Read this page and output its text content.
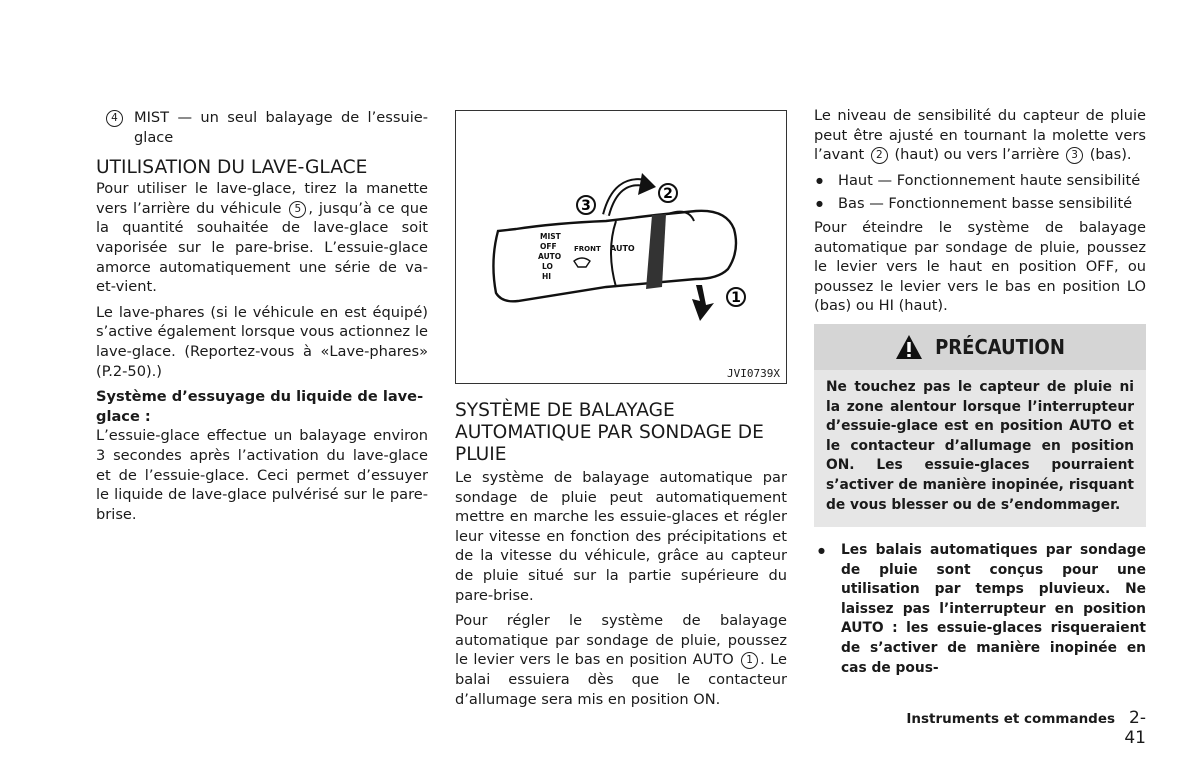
4	MIST — un seul balayage de l’essuie-glace

UTILISATION DU LAVE-GLACE

Pour utiliser le lave-glace, tirez la manette vers l’arrière du véhicule 5 , jusqu’à ce que la quantité souhaitée de lave-glace soit vaporisée sur le pare-brise. L’essuie-glace amorce automatiquement une série de va-et-vient.

Le lave-phares (si le véhicule en est équipé) s’active également lorsque vous actionnez le lave-glace. (Reportez-vous à «Lave-phares» (P.2-50).)

Système d’essuyage du liquide de lave-glace :

L’essuie-glace effectue un balayage environ 3 secondes après l’activation du lave-glace et de l’essuie-glace. Ceci permet d’essuyer le liquide de lave-glace pulvérisé sur le pare-brise.

MIST
OFF
AUTO
LO
HI
FRONT AUTO
3
2
1
JVI0739X
SYSTÈME DE BALAYAGE AUTOMATIQUE PAR SONDAGE DE PLUIE

Le système de balayage automatique par sondage de pluie peut automatiquement mettre en marche les essuie-glaces et régler leur vitesse en fonction des précipitations et de la vitesse du véhicule, grâce au capteur de pluie situé sur la partie supérieure du pare-brise.

Pour régler le système de balayage automatique par sondage de pluie, poussez le levier vers le bas en position AUTO 1 . Le balai essuiera dès que le contacteur d’allumage sera mis en position ON.

Le niveau de sensibilité du capteur de pluie peut être ajusté en tournant la molette vers l’avant 2 (haut) ou vers l’arrière 3 (bas).

● Haut — Fonctionnement haute sensibilité

● Bas — Fonctionnement basse sensibilité

Pour éteindre le système de balayage automatique par sondage de pluie, poussez le levier vers le haut en position OFF, ou poussez le levier vers le bas en position LO (bas) ou HI (haut).

PRÉCAUTION

Ne touchez pas le capteur de pluie ni la zone alentour lorsque l’interrupteur d’essuie-glace est en position AUTO et le contacteur d’allumage en position ON. Les essuie-glaces pourraient s’activer de manière inopinée, risquant de vous blesser ou de s’endommager.

● Les balais automatiques par sondage de pluie sont conçus pour une utilisation par temps pluvieux. Ne laissez pas l’interrupteur en position AUTO : les essuie-glaces risqueraient de s’activer de manière inopinée en cas de pous-

Instruments et commandes 2-41
